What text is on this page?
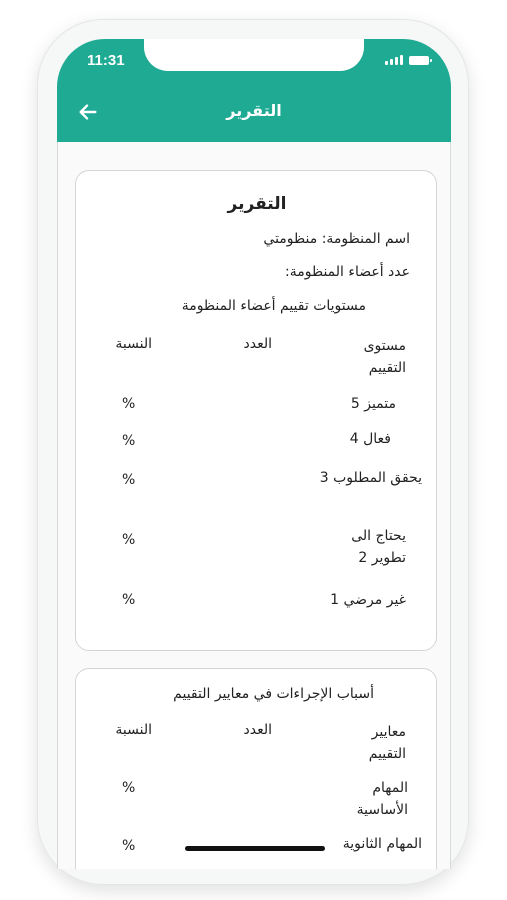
11:31
التقرير
التقرير
اسم المنظومة: منظومتي
عدد أعضاء المنظومة:
مستويات تقييم أعضاء المنظومة
مستوى التقييم
العدد
النسبة
متميز 5
%
فعال 4
%
يحقق المطلوب 3
%
يحتاج الى تطوير 2
%
غير مرضي 1
%
أسباب الإجراءات في معايير التقييم
معايير التقييم
العدد
النسبة
المهام الأساسية
%
المهام الثانوية
%
